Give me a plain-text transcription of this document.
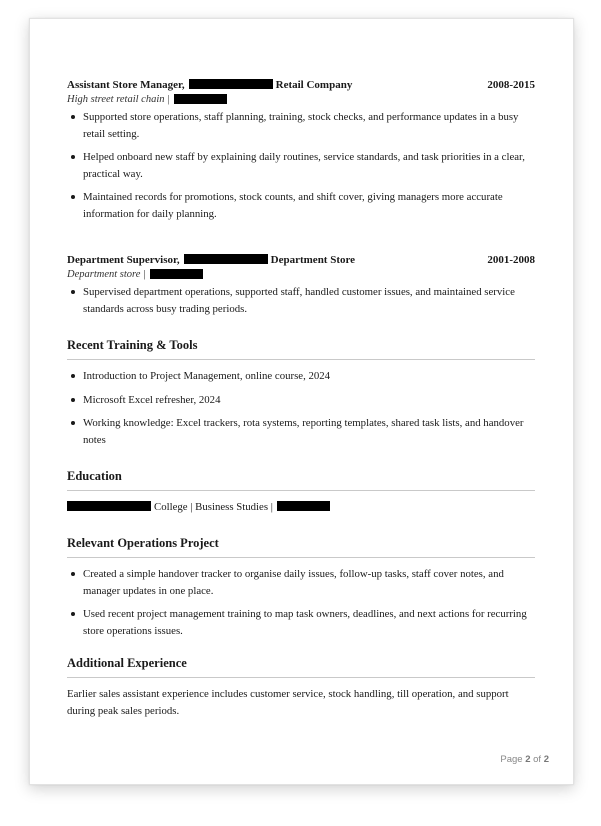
Assistant Store Manager,	Retail Company	2008-2015
High street retail chain |
Supported store operations, staff planning, training, stock checks, and performance updates in a busy retail setting.
Helped onboard new staff by explaining daily routines, service standards, and task priorities in a clear, practical way.
Maintained records for promotions, stock counts, and shift cover, giving managers more accurate information for daily planning.
Department Supervisor,	Department Store	2001-2008
Department store |
Supervised department operations, supported staff, handled customer issues, and maintained service standards across busy trading periods.
Recent Training & Tools
Introduction to Project Management, online course, 2024
Microsoft Excel refresher, 2024
Working knowledge: Excel trackers, rota systems, reporting templates, shared task lists, and handover notes
Education
College | Business Studies |
Relevant Operations Project
Created a simple handover tracker to organise daily issues, follow-up tasks, staff cover notes, and manager updates in one place.
Used recent project management training to map task owners, deadlines, and next actions for recurring store operations issues.
Additional Experience
Earlier sales assistant experience includes customer service, stock handling, till operation, and support during peak sales periods.
Page 2 of 2
